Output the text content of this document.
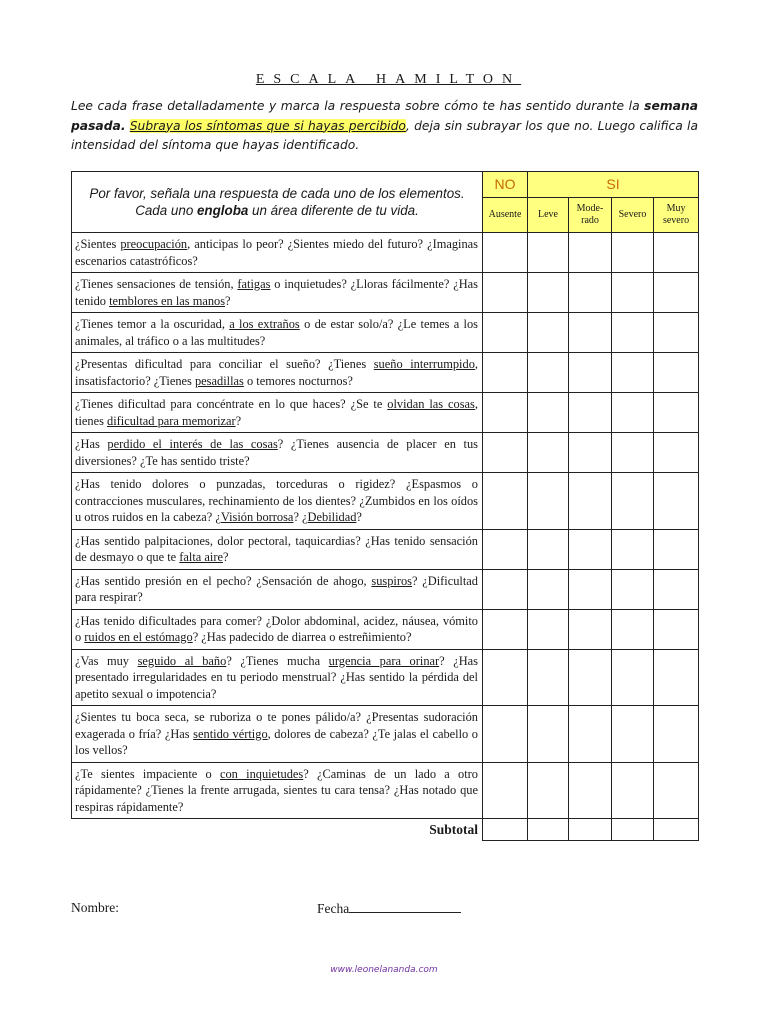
ESCALA HAMILTON
Lee cada frase detalladamente y marca la respuesta sobre cómo te has sentido durante la semana pasada. Subraya los síntomas que si hayas percibido, deja sin subrayar los que no. Luego califica la intensidad del síntoma que hayas identificado.
Por favor, señala una respuesta de cada uno de los elementos. Cada uno engloba un área diferente de tu vida.	NO	SI			
	Ausente	Leve	Mode-rado	Severo	Muy severo
¿Sientes preocupación, anticipas lo peor? ¿Sientes miedo del futuro? ¿Imaginas escenarios catastróficos?					
¿Tienes sensaciones de tensión, fatigas o inquietudes? ¿Lloras fácilmente? ¿Has tenido temblores en las manos?					
¿Tienes temor a la oscuridad, a los extraños o de estar solo/a? ¿Le temes a los animales, al tráfico o a las multitudes?					
¿Presentas dificultad para conciliar el sueño? ¿Tienes sueño interrumpido, insatisfactorio? ¿Tienes pesadillas o temores nocturnos?					
¿Tienes dificultad para concéntrate en lo que haces? ¿Se te olvidan las cosas, tienes dificultad para memorizar?					
¿Has perdido el interés de las cosas? ¿Tienes ausencia de placer en tus diversiones? ¿Te has sentido triste?					
¿Has tenido dolores o punzadas, torceduras o rigidez? ¿Espasmos o contracciones musculares, rechinamiento de los dientes? ¿Zumbidos en los oídos u otros ruidos en la cabeza? ¿Visión borrosa? ¿Debilidad?					
¿Has sentido palpitaciones, dolor pectoral, taquicardias? ¿Has tenido sensación de desmayo o que te falta aire?					
¿Has sentido presión en el pecho? ¿Sensación de ahogo, suspiros? ¿Dificultad para respirar?					
¿Has tenido dificultades para comer? ¿Dolor abdominal, acidez, náusea, vómito o ruidos en el estómago? ¿Has padecido de diarrea o estreñimiento?					
¿Vas muy seguido al baño? ¿Tienes mucha urgencia para orinar? ¿Has presentado irregularidades en tu periodo menstrual? ¿Has sentido la pérdida del apetito sexual o impotencia?					
¿Sientes tu boca seca, se ruboriza o te pones pálido/a? ¿Presentas sudoración exagerada o fría? ¿Has sentido vértigo, dolores de cabeza? ¿Te jalas el cabello o los vellos?					
¿Te sientes impaciente o con inquietudes? ¿Caminas de un lado a otro rápidamente? ¿Tienes la frente arrugada, sientes tu cara tensa? ¿Has notado que respiras rápidamente?					
Subtotal					
Nombre:	Fecha
www.leonelananda.com
